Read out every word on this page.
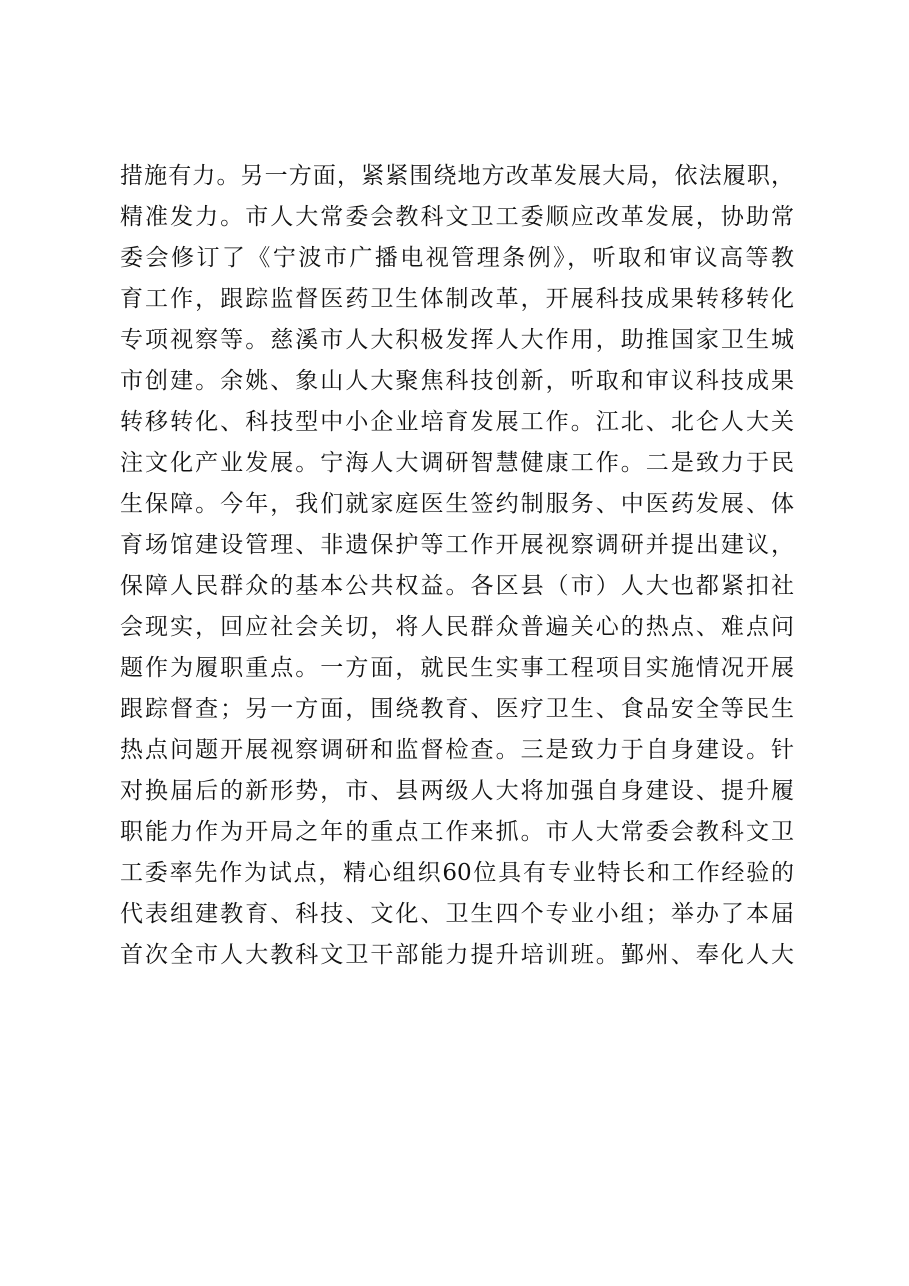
措施有力。另一方面，紧紧围绕地方改革发展大局，依法履职，
精准发力。市人大常委会教科文卫工委顺应改革发展，协助常
委会修订了《宁波市广播电视管理条例》，听取和审议高等教
育工作，跟踪监督医药卫生体制改革，开展科技成果转移转化
专项视察等。慈溪市人大积极发挥人大作用，助推国家卫生城
市创建。余姚、象山人大聚焦科技创新，听取和审议科技成果
转移转化、科技型中小企业培育发展工作。江北、北仑人大关
注文化产业发展。宁海人大调研智慧健康工作。二是致力于民
生保障。今年，我们就家庭医生签约制服务、中医药发展、体
育场馆建设管理、非遗保护等工作开展视察调研并提出建议，
保障人民群众的基本公共权益。各区县（市）人大也都紧扣社
会现实，回应社会关切，将人民群众普遍关心的热点、难点问
题作为履职重点。一方面，就民生实事工程项目实施情况开展
跟踪督查；另一方面，围绕教育、医疗卫生、食品安全等民生
热点问题开展视察调研和监督检查。三是致力于自身建设。针
对换届后的新形势，市、县两级人大将加强自身建设、提升履
职能力作为开局之年的重点工作来抓。市人大常委会教科文卫
工委率先作为试点，精心组织60位具有专业特长和工作经验的
代表组建教育、科技、文化、卫生四个专业小组；举办了本届
首次全市人大教科文卫干部能力提升培训班。鄞州、奉化人大
